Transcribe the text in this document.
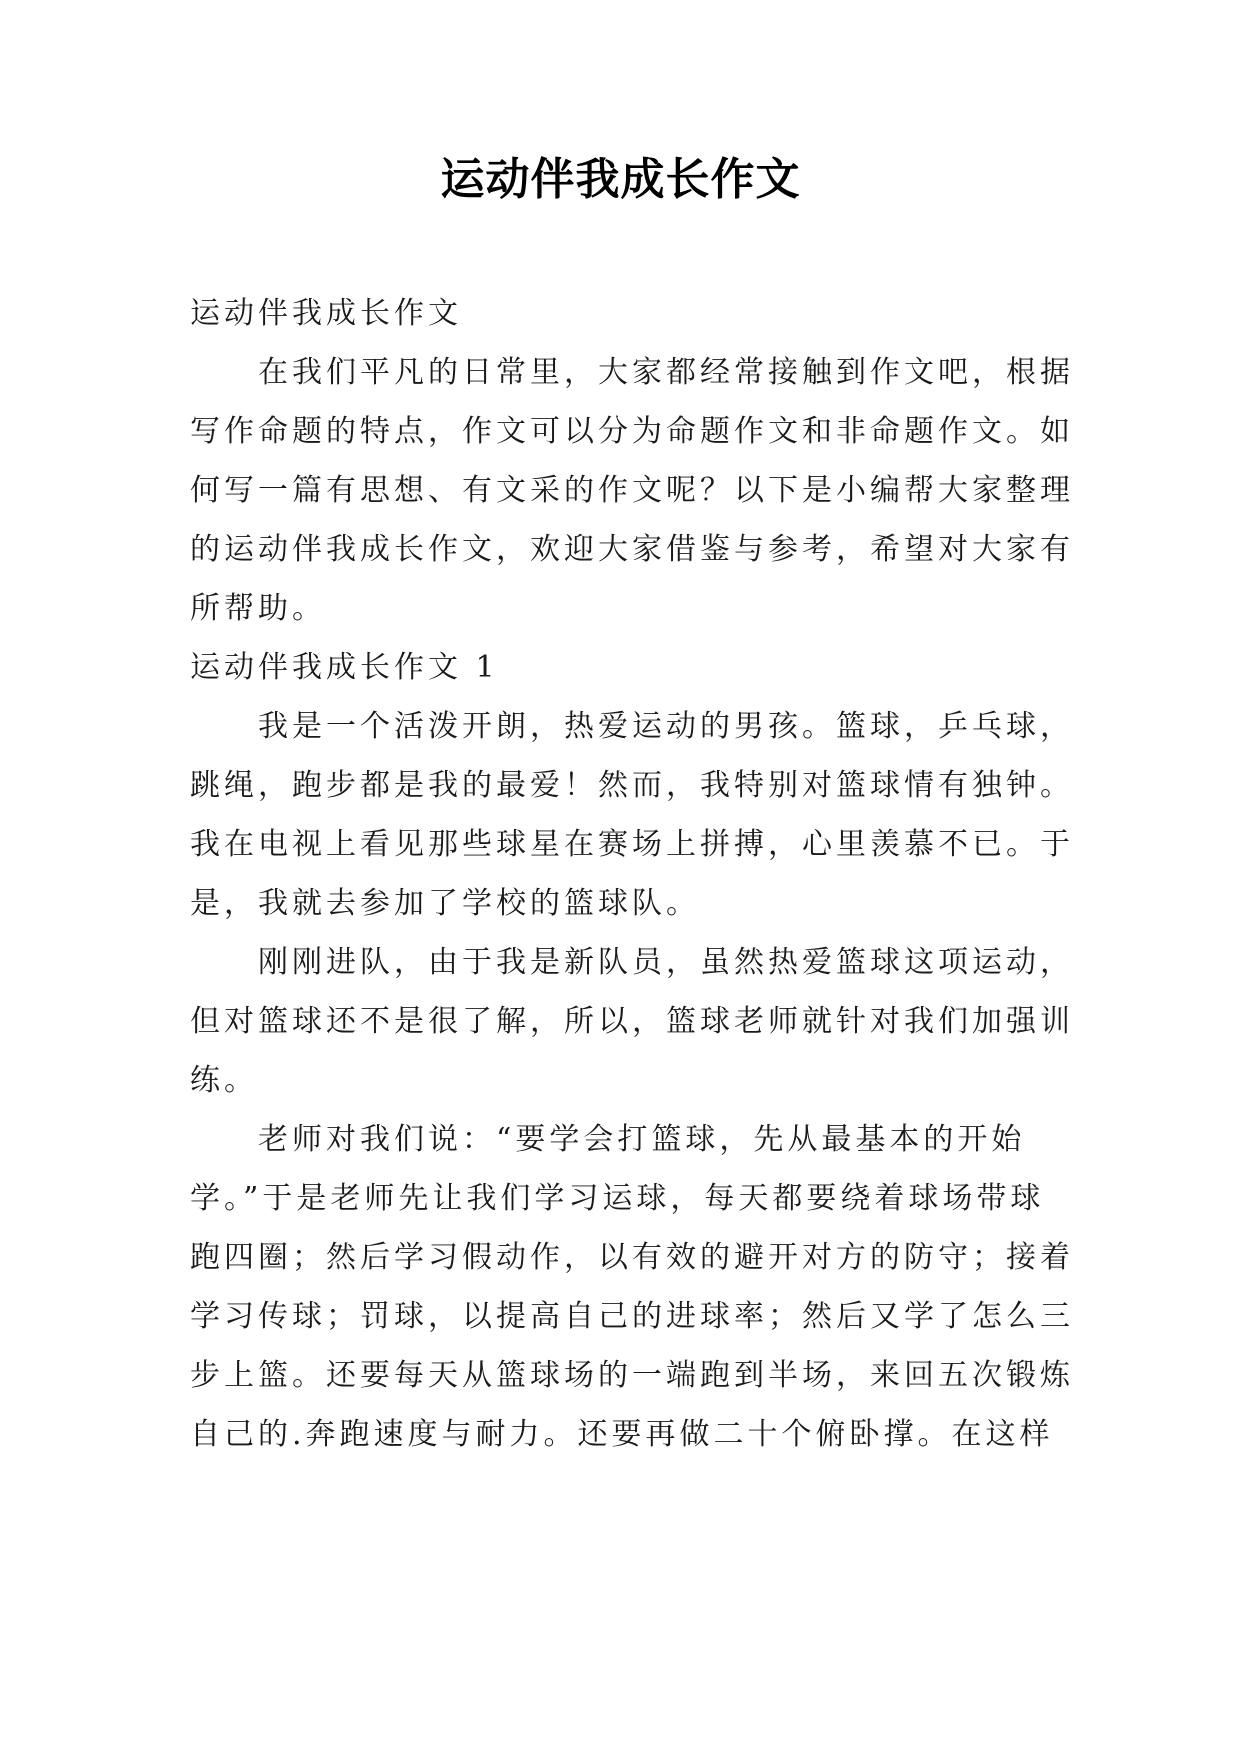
运动伴我成长作文

运动伴我成长作文

在我们平凡的日常里，大家都经常接触到作文吧，根据
写作命题的特点，作文可以分为命题作文和非命题作文。如
何写一篇有思想、有文采的作文呢？以下是小编帮大家整理
的运动伴我成长作文，欢迎大家借鉴与参考，希望对大家有
所帮助。

运动伴我成长作文 1

我是一个活泼开朗，热爱运动的男孩。篮球，乒乓球，
跳绳，跑步都是我的最爱！然而，我特别对篮球情有独钟。
我在电视上看见那些球星在赛场上拼搏，心里羡慕不已。于
是，我就去参加了学校的篮球队。

刚刚进队，由于我是新队员，虽然热爱篮球这项运动，
但对篮球还不是很了解，所以，篮球老师就针对我们加强训
练。

老师对我们说：“要学会打篮球，先从最基本的开始
学。”于是老师先让我们学习运球，每天都要绕着球场带球
跑四圈；然后学习假动作，以有效的避开对方的防守；接着
学习传球；罚球，以提高自己的进球率；然后又学了怎么三
步上篮。还要每天从篮球场的一端跑到半场，来回五次锻炼
自己的.奔跑速度与耐力。还要再做二十个俯卧撑。在这样
